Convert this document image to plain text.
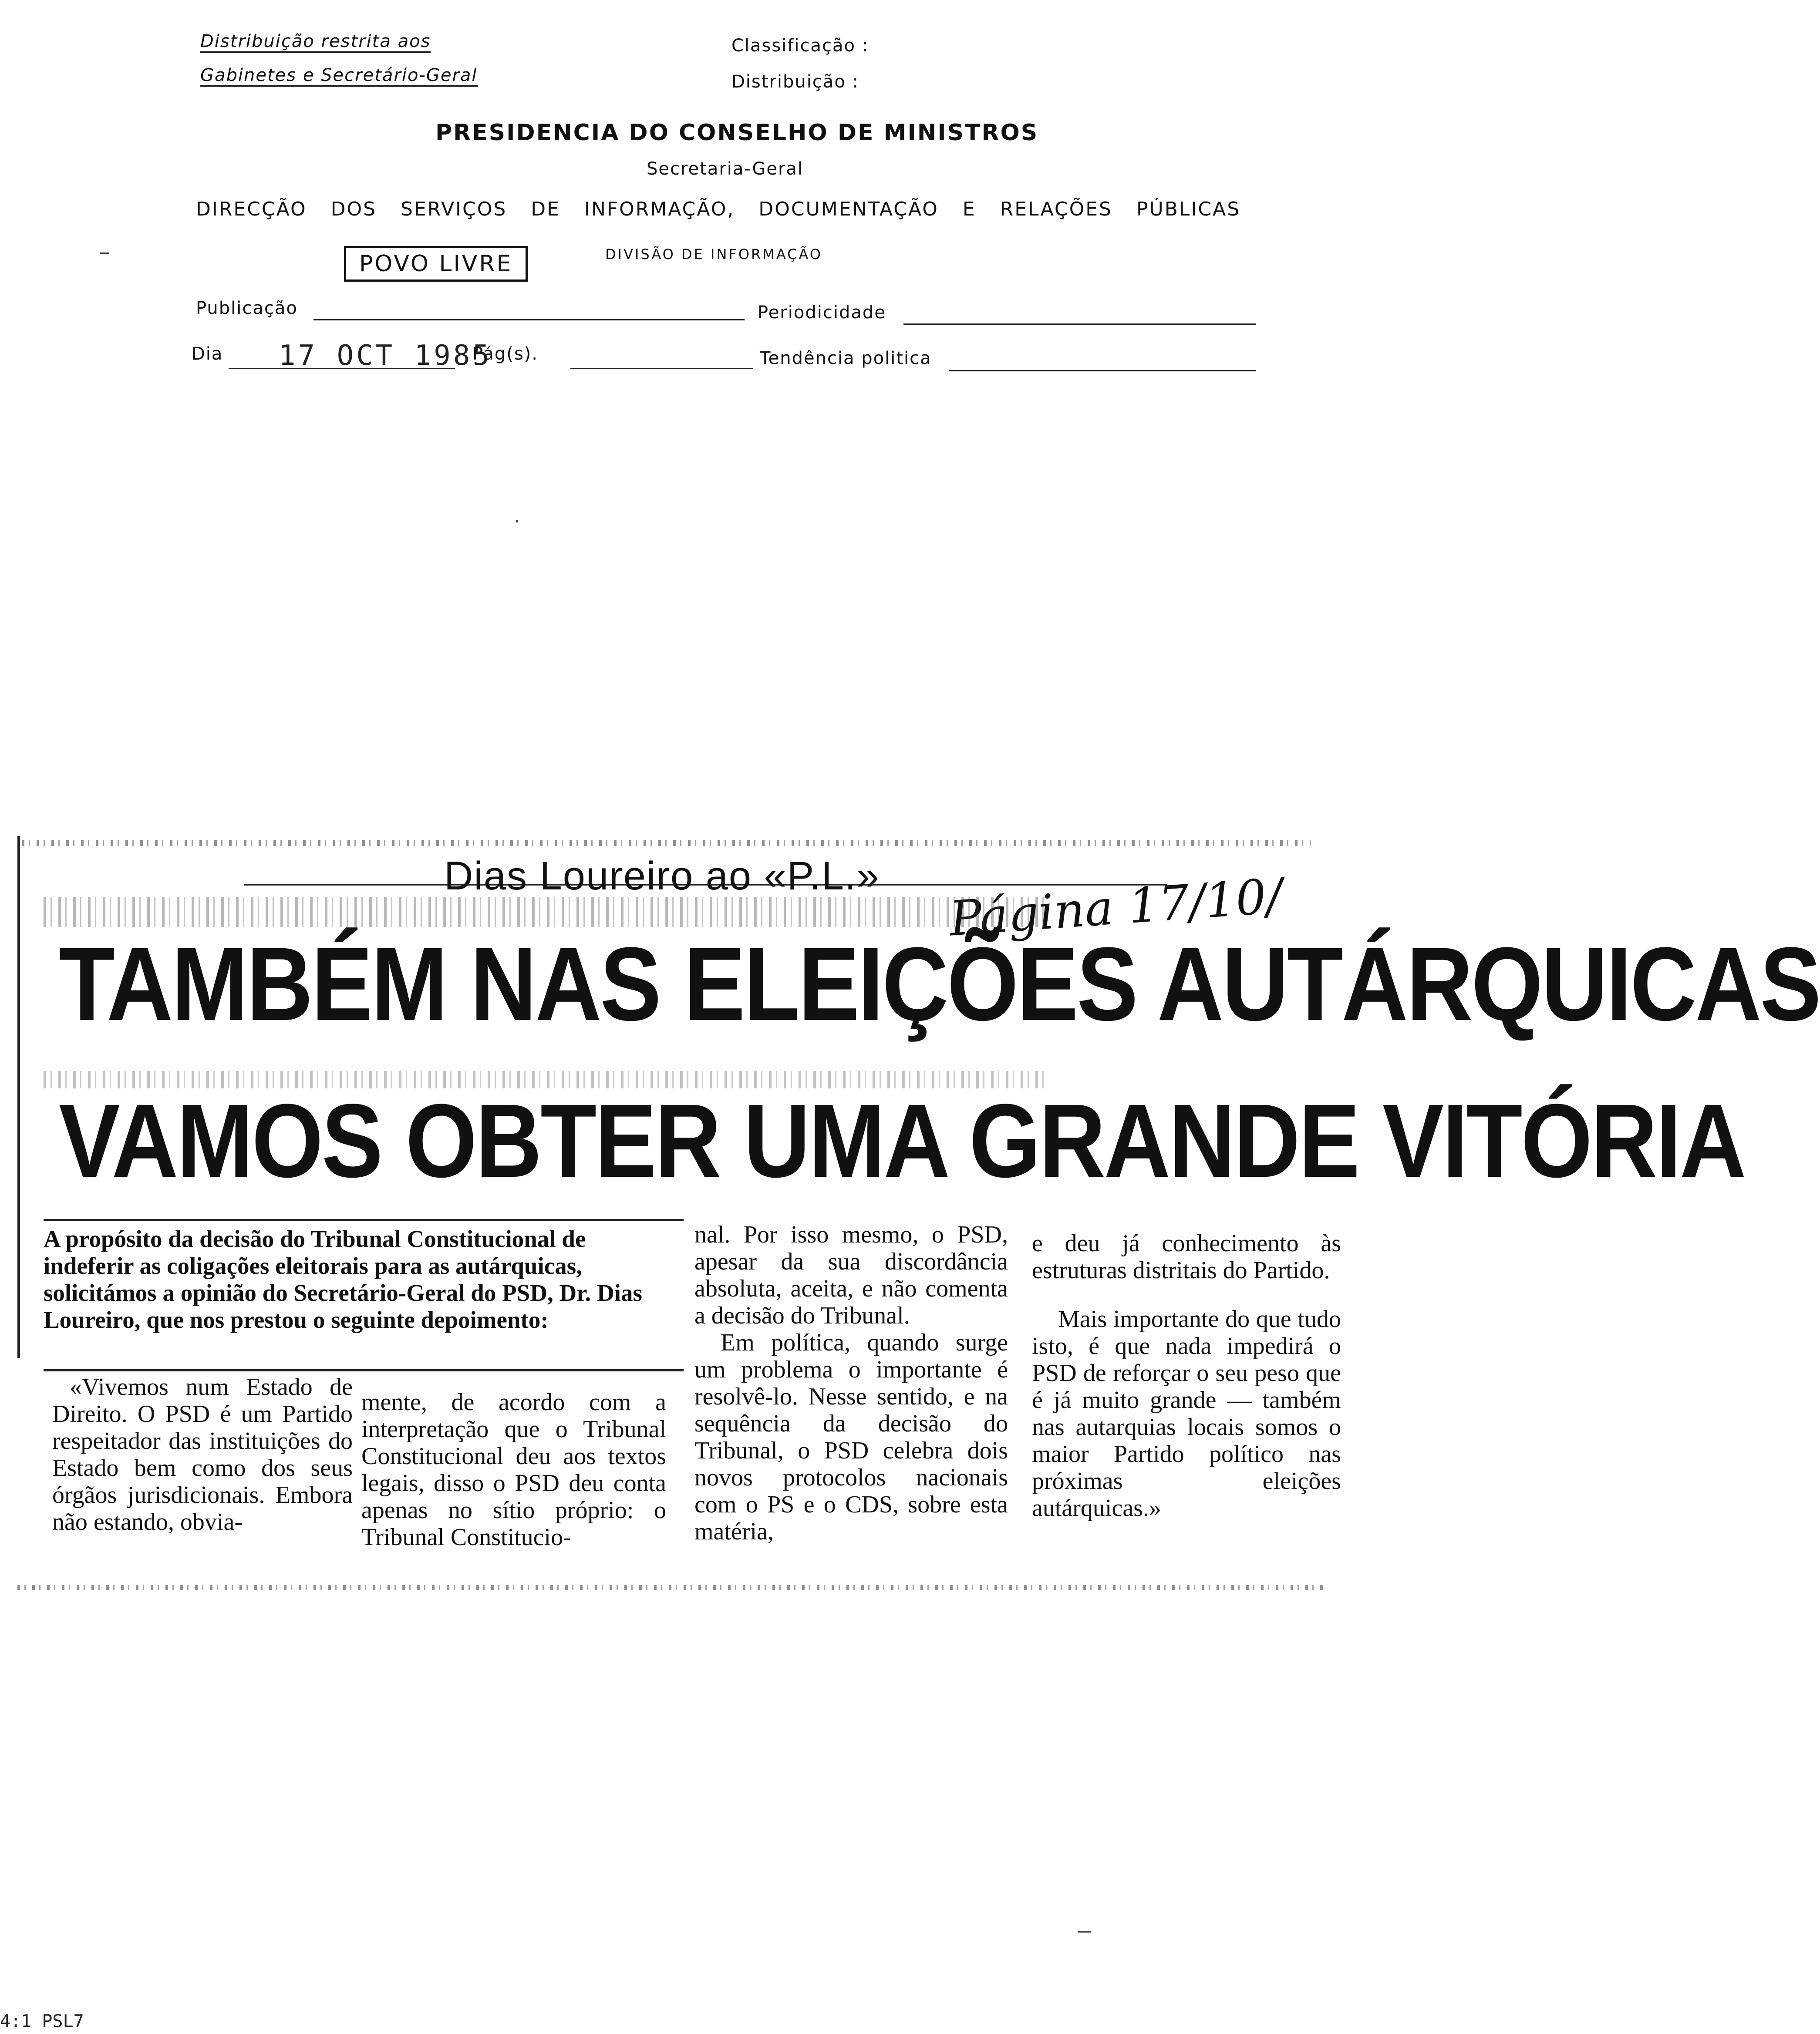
Distribuição restrita aos
Gabinetes e Secretário-Geral
Classificação :
Distribuição :
PRESIDENCIA DO CONSELHO DE MINISTROS
Secretaria-Geral
DIRECÇÃO DOS SERVIÇOS DE INFORMAÇÃO, DOCUMENTAÇÃO E RELAÇÕES PÚBLICAS
DIVISÃO DE INFORMAÇÃO
POVO LIVRE
Publicação	Periodicidade
Dia 17 OCT 1985
Pág(s).	Tendência politica
Dias Loureiro ao «P.L.» Página 17/10/
TAMBÉM NAS ELEIÇÕES AUTÁRQUICAS
VAMOS OBTER UMA GRANDE VITÓRIA
A propósito da decisão do Tribunal Constitucional de indeferir as coligações eleitorais para as autárquicas, solicitámos a opinião do Secretário-Geral do PSD, Dr. Dias Loureiro, que nos prestou o seguinte depoimento:

«Vivemos num Estado de Direito. O PSD é um Partido respeitador das instituições do Estado bem como dos seus órgãos jurisdicionais. Embora não estando, obvia-

mente, de acordo com a interpretação que o Tribunal Constitucional deu aos textos legais, disso o PSD deu conta apenas no sítio próprio: o Tribunal Constitucio-

nal. Por isso mesmo, o PSD, apesar da sua discordância absoluta, aceita, e não comenta a decisão do Tribunal.

Em política, quando surge um problema o importante é resolvê-lo. Nesse sentido, e na sequência da decisão do Tribunal, o PSD celebra dois novos protocolos nacionais com o PS e o CDS, sobre esta matéria,

e deu já conhecimento às estruturas distritais do Partido.

Mais importante do que tudo isto, é que nada impedirá o PSD de reforçar o seu peso que é já muito grande — também nas autarquias locais somos o maior Partido político nas próximas eleições autárquicas.»

4:1 PSL7
